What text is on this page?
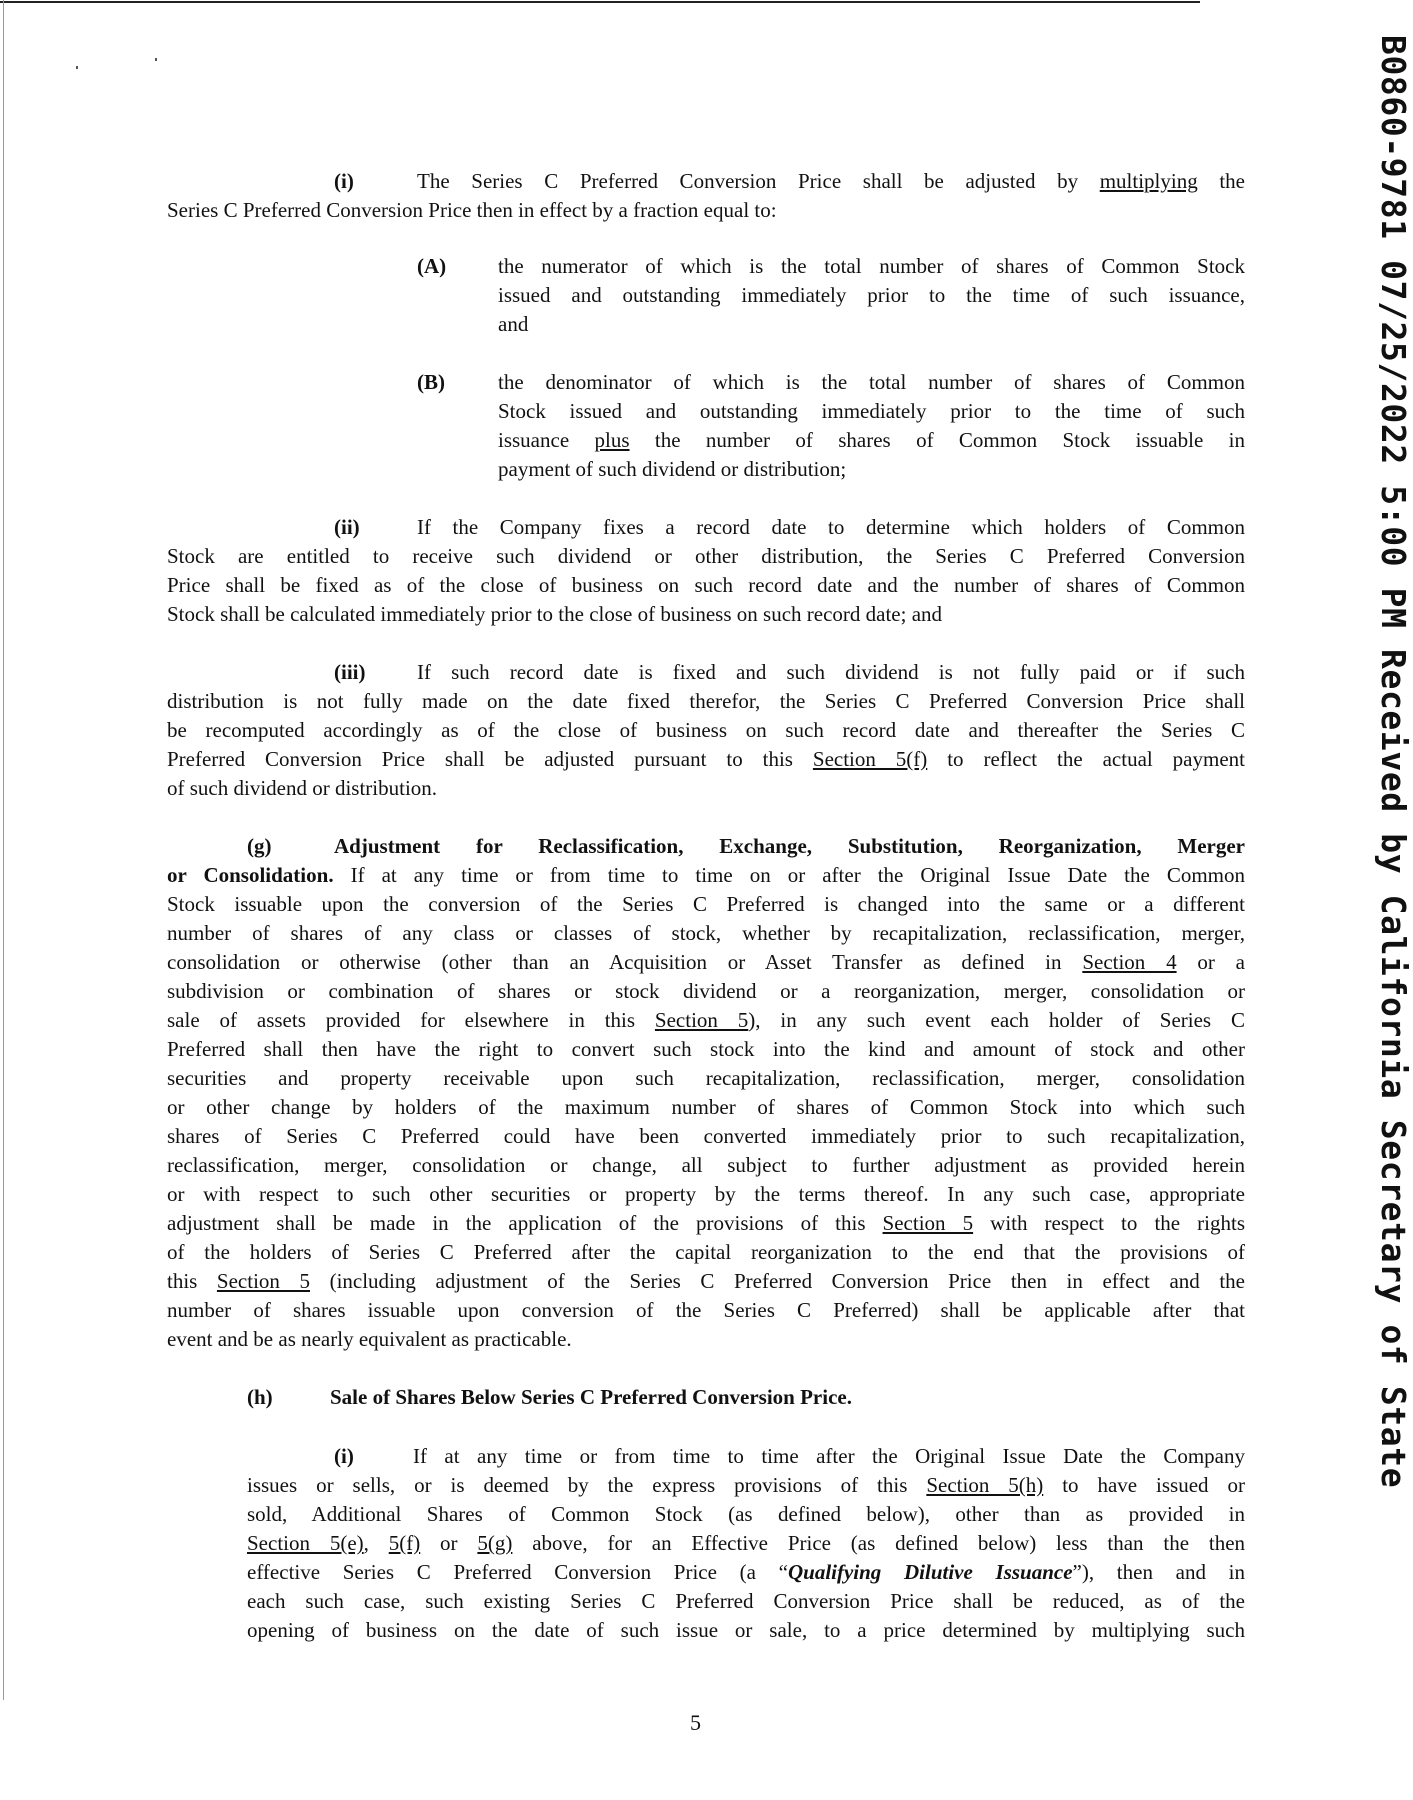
B0860-9781 07/25/2022 5:00 PM Received by California Secretary of State
(i)	The Series C Preferred Conversion Price shall be adjusted by multiplying the
Series C Preferred Conversion Price then in effect by a fraction equal to:
(A) the numerator of which is the total number of shares of Common Stock
issued and outstanding immediately prior to the time of such issuance,
and
(B)	the denominator of which is the total number of shares of Common
Stock issued and outstanding immediately prior to the time of such
issuance plus the number of shares of Common Stock issuable in
payment of such dividend or distribution;
(ii)	If the Company fixes a record date to determine which holders of Common
Stock are entitled to receive such dividend or other distribution, the Series C Preferred Conversion
Price shall be fixed as of the close of business on such record date and the number of shares of Common
Stock shall be calculated immediately prior to the close of business on such record date; and
(iii) If such record date is fixed and such dividend is not fully paid or if such
distribution is not fully made on the date fixed therefor, the Series C Preferred Conversion Price shall
be recomputed accordingly as of the close of business on such record date and thereafter the Series C
Preferred Conversion Price shall be adjusted pursuant to this Section 5(f) to reflect the actual payment
of such dividend or distribution.
(g)	Adjustment for Reclassification, Exchange, Substitution, Reorganization, Merger
or Consolidation. If at any time or from time to time on or after the Original Issue Date the Common
Stock issuable upon the conversion of the Series C Preferred is changed into the same or a different
number of shares of any class or classes of stock, whether by recapitalization, reclassification, merger,
consolidation or otherwise (other than an Acquisition or Asset Transfer as defined in Section 4 or a
subdivision or combination of shares or stock dividend or a reorganization, merger, consolidation or
sale of assets provided for elsewhere in this Section 5), in any such event each holder of Series C
Preferred shall then have the right to convert such stock into the kind and amount of stock and other
securities and property receivable upon such recapitalization, reclassification, merger, consolidation
or other change by holders of the maximum number of shares of Common Stock into which such
shares of Series C Preferred could have been converted immediately prior to such recapitalization,
reclassification, merger, consolidation or change, all subject to further adjustment as provided herein
or with respect to such other securities or property by the terms thereof. In any such case, appropriate
adjustment shall be made in the application of the provisions of this Section 5 with respect to the rights
of the holders of Series C Preferred after the capital reorganization to the end that the provisions of
this Section 5 (including adjustment of the Series C Preferred Conversion Price then in effect and the
number of shares issuable upon conversion of the Series C Preferred) shall be applicable after that
event and be as nearly equivalent as practicable.
(h)	Sale of Shares Below Series C Preferred Conversion Price.
(i)	If at any time or from time to time after the Original Issue Date the Company
issues or sells, or is deemed by the express provisions of this Section 5(h) to have issued or
sold, Additional Shares of Common Stock (as defined below), other than as provided in
Section 5(e), 5(f) or 5(g) above, for an Effective Price (as defined below) less than the then
effective Series C Preferred Conversion Price (a “Qualifying Dilutive Issuance”), then and in
each such case, such existing Series C Preferred Conversion Price shall be reduced, as of the
opening of business on the date of such issue or sale, to a price determined by multiplying such
5
